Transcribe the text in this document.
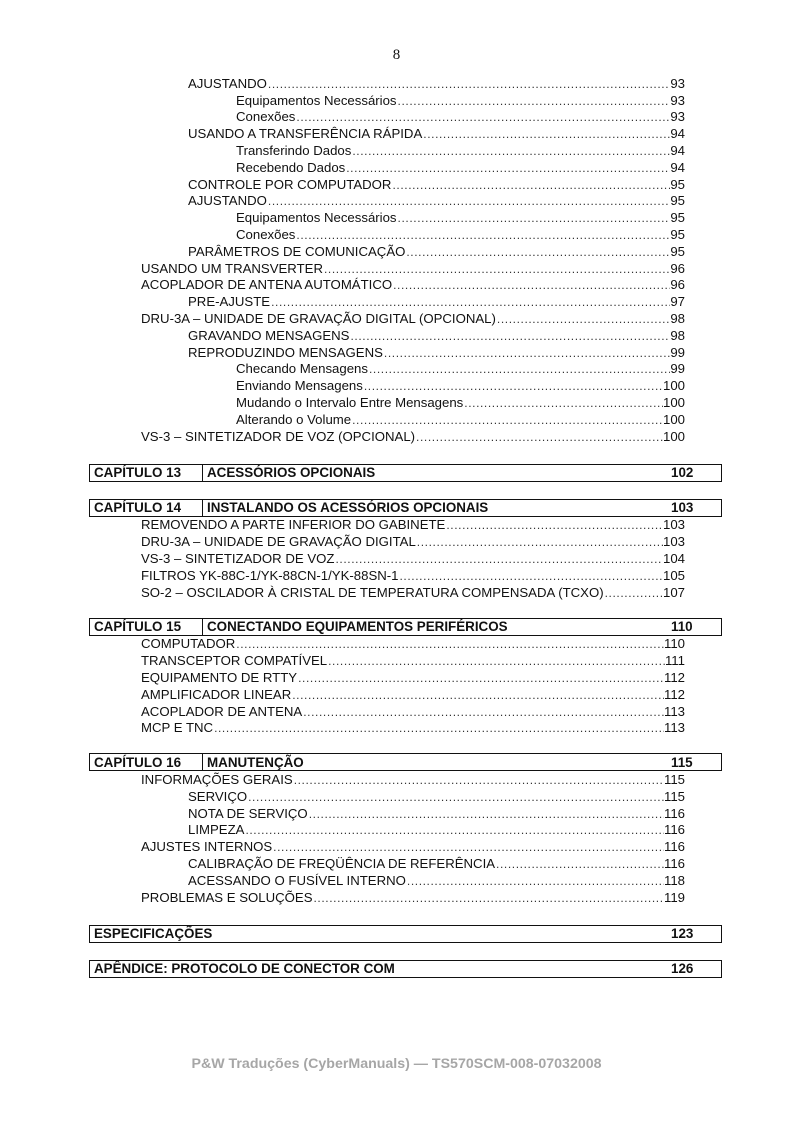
8
AJUSTANDO .....	93
Equipamentos Necessários .....	93
Conexões .....	93
USANDO A TRANSFERÊNCIA RÁPIDA .....	94
Transferindo Dados .....	94
Recebendo Dados .....	94
CONTROLE POR COMPUTADOR .....	95
AJUSTANDO .....	95
Equipamentos Necessários .....	95
Conexões .....	95
PARÂMETROS DE COMUNICAÇÃO .....	95
USANDO UM TRANSVERTER .....	96
ACOPLADOR DE ANTENA AUTOMÁTICO .....	96
PRE-AJUSTE .....	97
DRU-3A – UNIDADE DE GRAVAÇÃO DIGITAL (OPCIONAL) .....	98
GRAVANDO MENSAGENS .....	98
REPRODUZINDO MENSAGENS .....	99
Checando Mensagens .....	99
Enviando Mensagens .....	100
Mudando o Intervalo Entre Mensagens .....	100
Alterando o Volume .....	100
VS-3 – SINTETIZADOR DE VOZ (OPCIONAL) .....	100
CAPÍTULO 13	ACESSÓRIOS OPCIONAIS	102
CAPÍTULO 14	INSTALANDO OS ACESSÓRIOS OPCIONAIS	103
REMOVENDO A PARTE INFERIOR DO GABINETE .....	103
DRU-3A – UNIDADE DE GRAVAÇÃO DIGITAL .....	103
VS-3 – SINTETIZADOR DE VOZ .....	104
FILTROS YK-88C-1/YK-88CN-1/YK-88SN-1 .....	105
SO-2 – OSCILADOR À CRISTAL DE TEMPERATURA COMPENSADA (TCXO) .....	107
CAPÍTULO 15	CONECTANDO EQUIPAMENTOS PERIFÉRICOS	110
COMPUTADOR .....	110
TRANSCEPTOR COMPATÍVEL .....	111
EQUIPAMENTO DE RTTY .....	112
AMPLIFICADOR LINEAR .....	112
ACOPLADOR DE ANTENA .....	113
MCP E TNC .....	113
CAPÍTULO 16	MANUTENÇÃO	115
INFORMAÇÕES GERAIS .....	115
SERVIÇO .....	115
NOTA DE SERVIÇO .....	116
LIMPEZA .....	116
AJUSTES INTERNOS .....	116
CALIBRAÇÃO DE FREQÜÊNCIA DE REFERÊNCIA .....	116
ACESSANDO O FUSÍVEL INTERNO .....	118
PROBLEMAS E SOLUÇÕES .....	119
ESPECIFICAÇÕES	123
APÊNDICE: PROTOCOLO DE CONECTOR COM	126
P&W Traduções (CyberManuals) — TS570SCM-008-07032008
